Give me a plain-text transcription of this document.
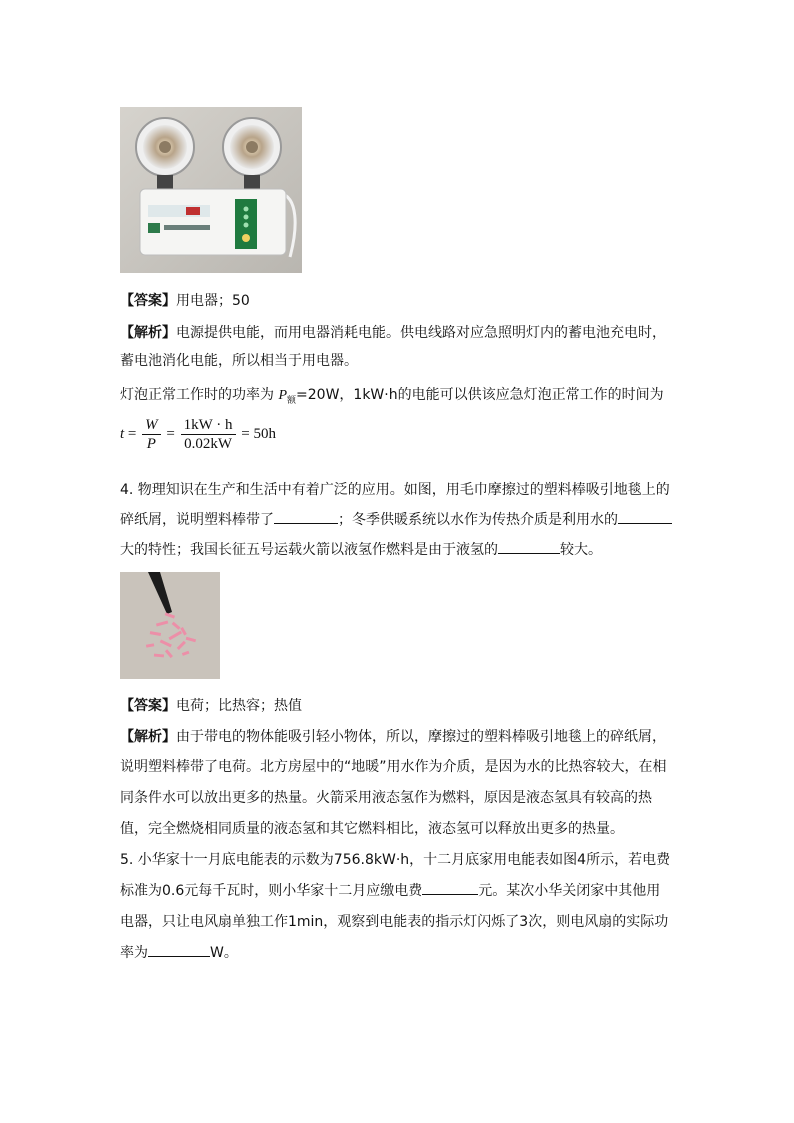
【答案】用电器；50
【解析】电源提供电能，而用电器消耗电能。供电线路对应急照明灯内的蓄电池充电时，
蓄电池消化电能，所以相当于用电器。
灯泡正常工作时的功率为 $P_额=20W$，1kW·h的电能可以供该应急灯泡正常工作的时间为
$t = \frac{W}{P} = \frac{1kW \cdot h}{0.02kW} = 50h$
4. 物理知识在生产和生活中有着广泛的应用。如图，用毛巾摩擦过的塑料棒吸引地毯上的
碎纸屑，说明塑料棒带了	；冬季供暖系统以水作为传热介质是利用水的
大的特性；我国长征五号运载火箭以液氢作燃料是由于液氢的	较大。
【答案】电荷；比热容；热值
【解析】由于带电的物体能吸引轻小物体，所以，摩擦过的塑料棒吸引地毯上的碎纸屑，
说明塑料棒带了电荷。北方房屋中的“地暖”用水作为介质，是因为水的比热容较大，在相
同条件水可以放出更多的热量。火箭采用液态氢作为燃料，原因是液态氢具有较高的热
值，完全燃烧相同质量的液态氢和其它燃料相比，液态氢可以释放出更多的热量。
5. 小华家十一月底电能表的示数为756.8kW·h，十二月底家用电能表如图4所示，若电费
标准为0.6元每千瓦时，则小华家十二月应缴电费	元。某次小华关闭家中其他用
电器，只让电风扇单独工作1min，观察到电能表的指示灯闪烁了3次，则电风扇的实际功
率为	W。
